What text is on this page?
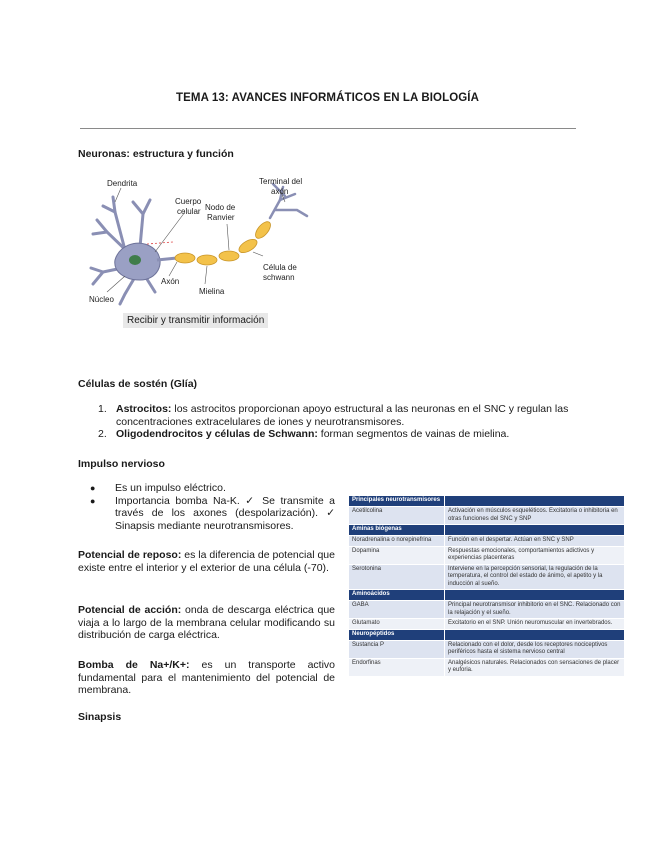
TEMA 13: AVANCES INFORMÁTICOS EN LA BIOLOGÍA
Neuronas: estructura y función
Dendrita
Cuerpo
celular Nodo de
Ranvier
Terminal del
axón
Axón
Célula de
schwann
Núcleo
Mielina
Recibir y transmitir información
Células de sostén (Glía)
1. Astrocitos: los astrocitos proporcionan apoyo estructural a las neuronas en el SNC y regulan las concentraciones extracelulares de iones y neurotransmisores.
2. Oligodendrocitos y células de Schwann: forman segmentos de vainas de mielina.
Impulso nervioso
● Es un impulso eléctrico.
● Importancia bomba Na-K. ✓ Se transmite a través de los axones (despolarización). ✓ Sinapsis mediante neurotransmisores.
Potencial de reposo: es la diferencia de potencial que existe entre el interior y el exterior de una célula (-70).
Potencial de acción: onda de descarga eléctrica que viaja a lo largo de la membrana celular modificando su distribución de carga eléctrica.
Bomba de Na+/K+: es un transporte activo fundamental para el mantenimiento del potencial de membrana.
Sinapsis
Principales neurotransmisores	
Acetilcolina	Activación en músculos esqueléticos. Excitatoria o inhibitoria en otras funciones del SNC y SNP
Aminas biógenas	
Noradrenalina o norepinefrina	Función en el despertar. Actúan en SNC y SNP
Dopamina	Respuestas emocionales, comportamientos adictivos y experiencias placenteras
Serotonina	Interviene en la percepción sensorial, la regulación de la temperatura, el control del estado de ánimo, el apetito y la inducción al sueño.
Aminoácidos	
GABA	Principal neurotransmisor inhibitorio en el SNC. Relacionado con la relajación y el sueño.
Glutamato	Excitatorio en el SNP. Unión neuromuscular en invertebrados.
Neuropéptidos	
Sustancia P	Relacionado con el dolor, desde los receptores nociceptivos periféricos hasta el sistema nervioso central
Endorfinas	Analgésicos naturales. Relacionados con sensaciones de placer y euforia.
